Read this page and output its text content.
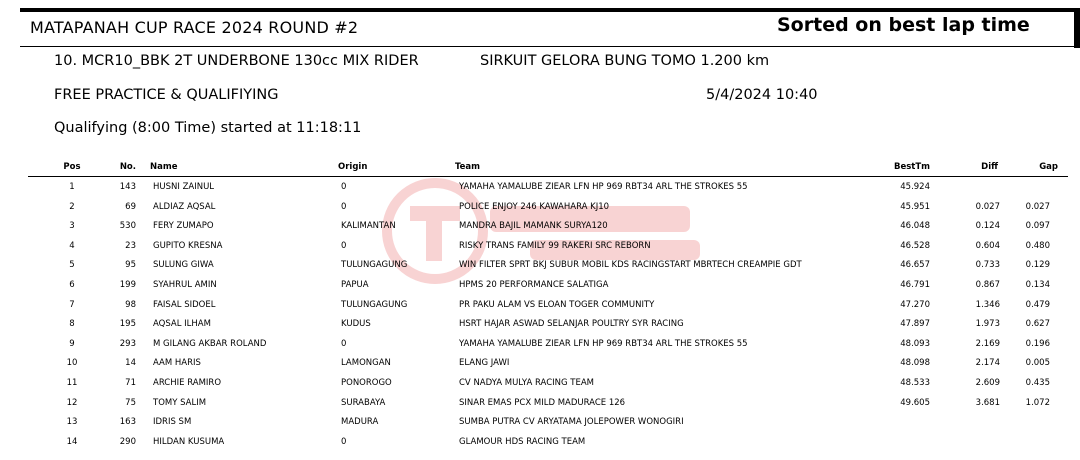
MATAPANAH CUP RACE 2024 ROUND #2	Sorted on best lap time
10. MCR10_BBK 2T UNDERBONE 130cc MIX RIDER	SIRKUIT GELORA BUNG TOMO 1.200 km
FREE PRACTICE & QUALIFIYING	5/4/2024 10:40
Qualifying (8:00 Time) started at 11:18:11
Pos	No. Name	Origin	Team	BestTm	Diff	Gap
1	143 HUSNI ZAINUL	0	YAMAHA YAMALUBE ZIEAR LFN HP 969 RBT34 ARL THE STROKES 55	45.924
2	69 ALDIAZ AQSAL	0	POLICE ENJOY 246 KAWAHARA KJ10	45.951	0.027	0.027
3	530 FERY ZUMAPO	KALIMANTAN	MANDRA BAJIL MAMANK SURYA120	46.048	0.124	0.097
4	23 GUPITO KRESNA	0	RISKY TRANS FAMILY 99 RAKERI SRC REBORN	46.528	0.604	0.480
5	95 SULUNG GIWA	TULUNGAGUNG	WIN FILTER SPRT BKJ SUBUR MOBIL KDS RACINGSTART MBRTECH CREAMPIE GDT	46.657	0.733	0.129
6	199 SYAHRUL AMIN	PAPUA	HPMS 20 PERFORMANCE SALATIGA	46.791	0.867	0.134
7	98 FAISAL SIDOEL	TULUNGAGUNG	PR PAKU ALAM VS ELOAN TOGER COMMUNITY	47.270	1.346	0.479
8	195 AQSAL ILHAM	KUDUS	HSRT HAJAR ASWAD SELANJAR POULTRY SYR RACING	47.897	1.973	0.627
9	293 M GILANG AKBAR ROLAND	0	YAMAHA YAMALUBE ZIEAR LFN HP 969 RBT34 ARL THE STROKES 55	48.093	2.169	0.196
10	14 AAM HARIS	LAMONGAN	ELANG JAWI	48.098	2.174	0.005
11	71 ARCHIE RAMIRO	PONOROGO	CV NADYA MULYA RACING TEAM	48.533	2.609	0.435
12	75 TOMY SALIM	SURABAYA	SINAR EMAS PCX MILD MADURACE 126	49.605	3.681	1.072
13	163 IDRIS SM	MADURA	SUMBA PUTRA CV ARYATAMA JOLEPOWER WONOGIRI
14	290 HILDAN KUSUMA	0	GLAMOUR HDS RACING TEAM
